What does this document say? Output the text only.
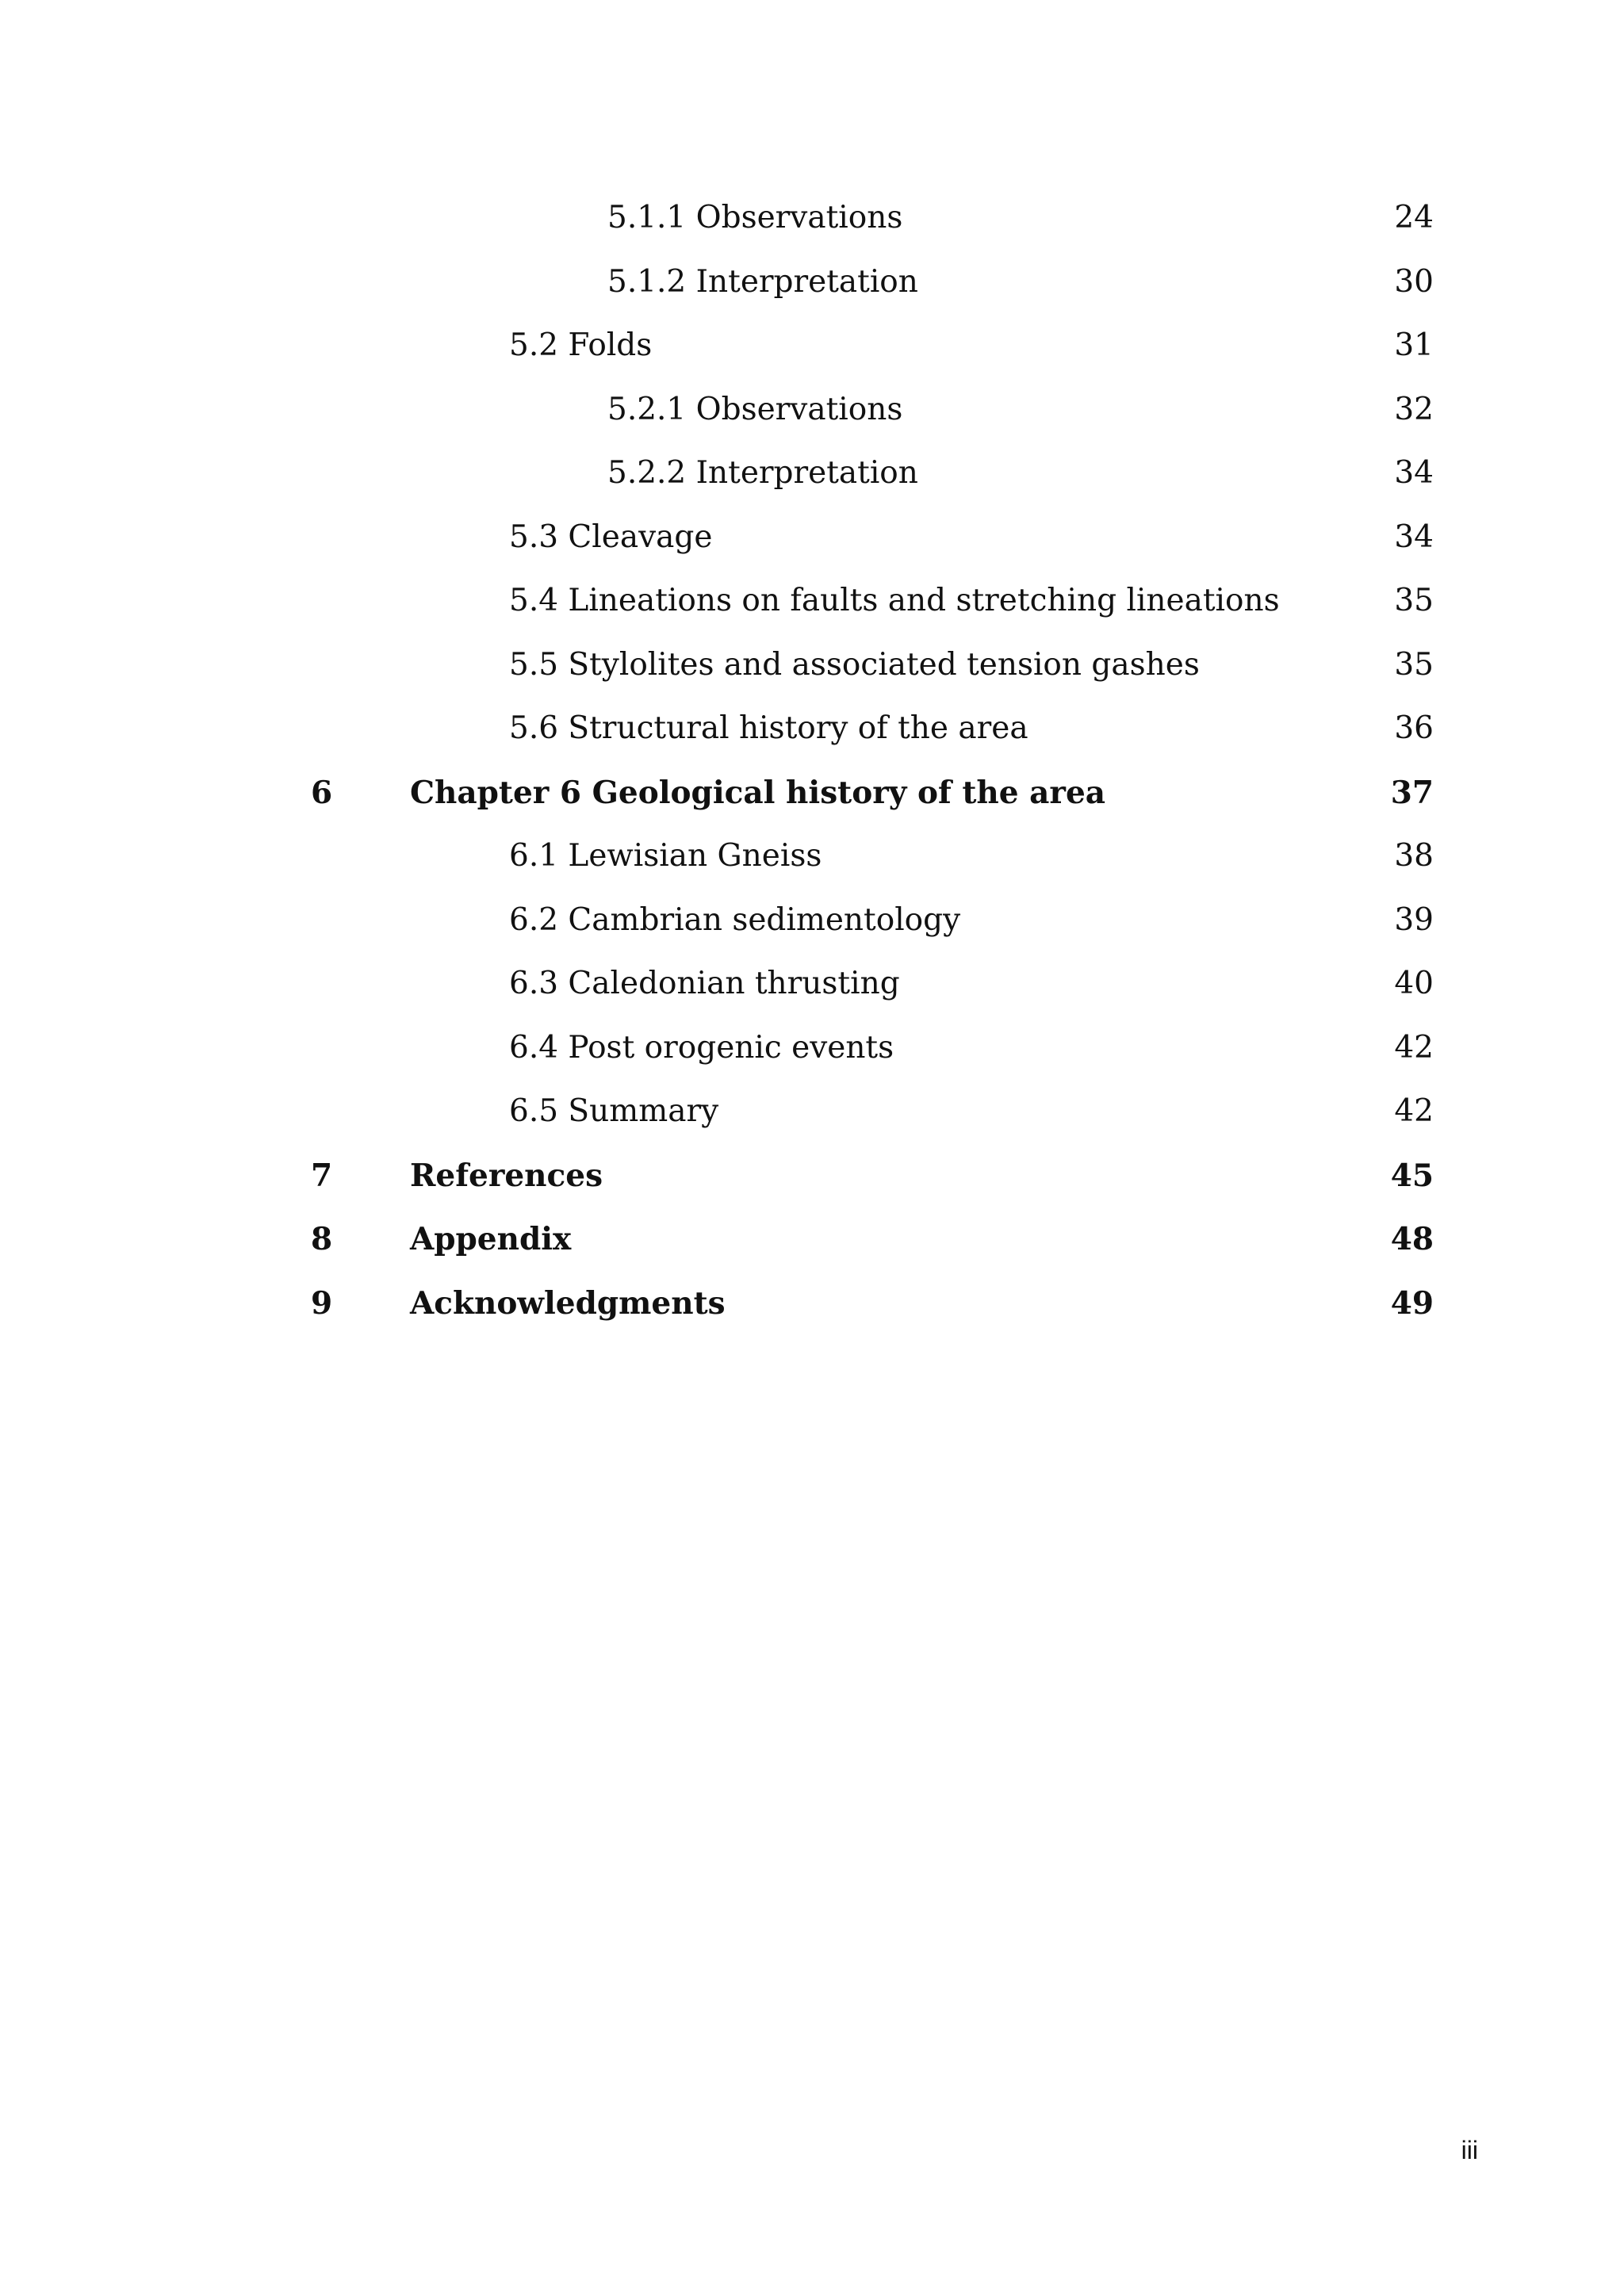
5.1.1 Observations	24
5.1.2 Interpretation	30
5.2 Folds	31
5.2.1 Observations	32
5.2.2 Interpretation	34
5.3 Cleavage	34
5.4 Lineations on faults and stretching lineations	35
5.5 Stylolites and associated tension gashes	35
5.6 Structural history of the area	36
6	Chapter 6 Geological history of the area	37
6.1 Lewisian Gneiss	38
6.2 Cambrian sedimentology	39
6.3 Caledonian thrusting	40
6.4 Post orogenic events	42
6.5 Summary	42
7	References	45
8	Appendix	48
9	Acknowledgments	49
iii
